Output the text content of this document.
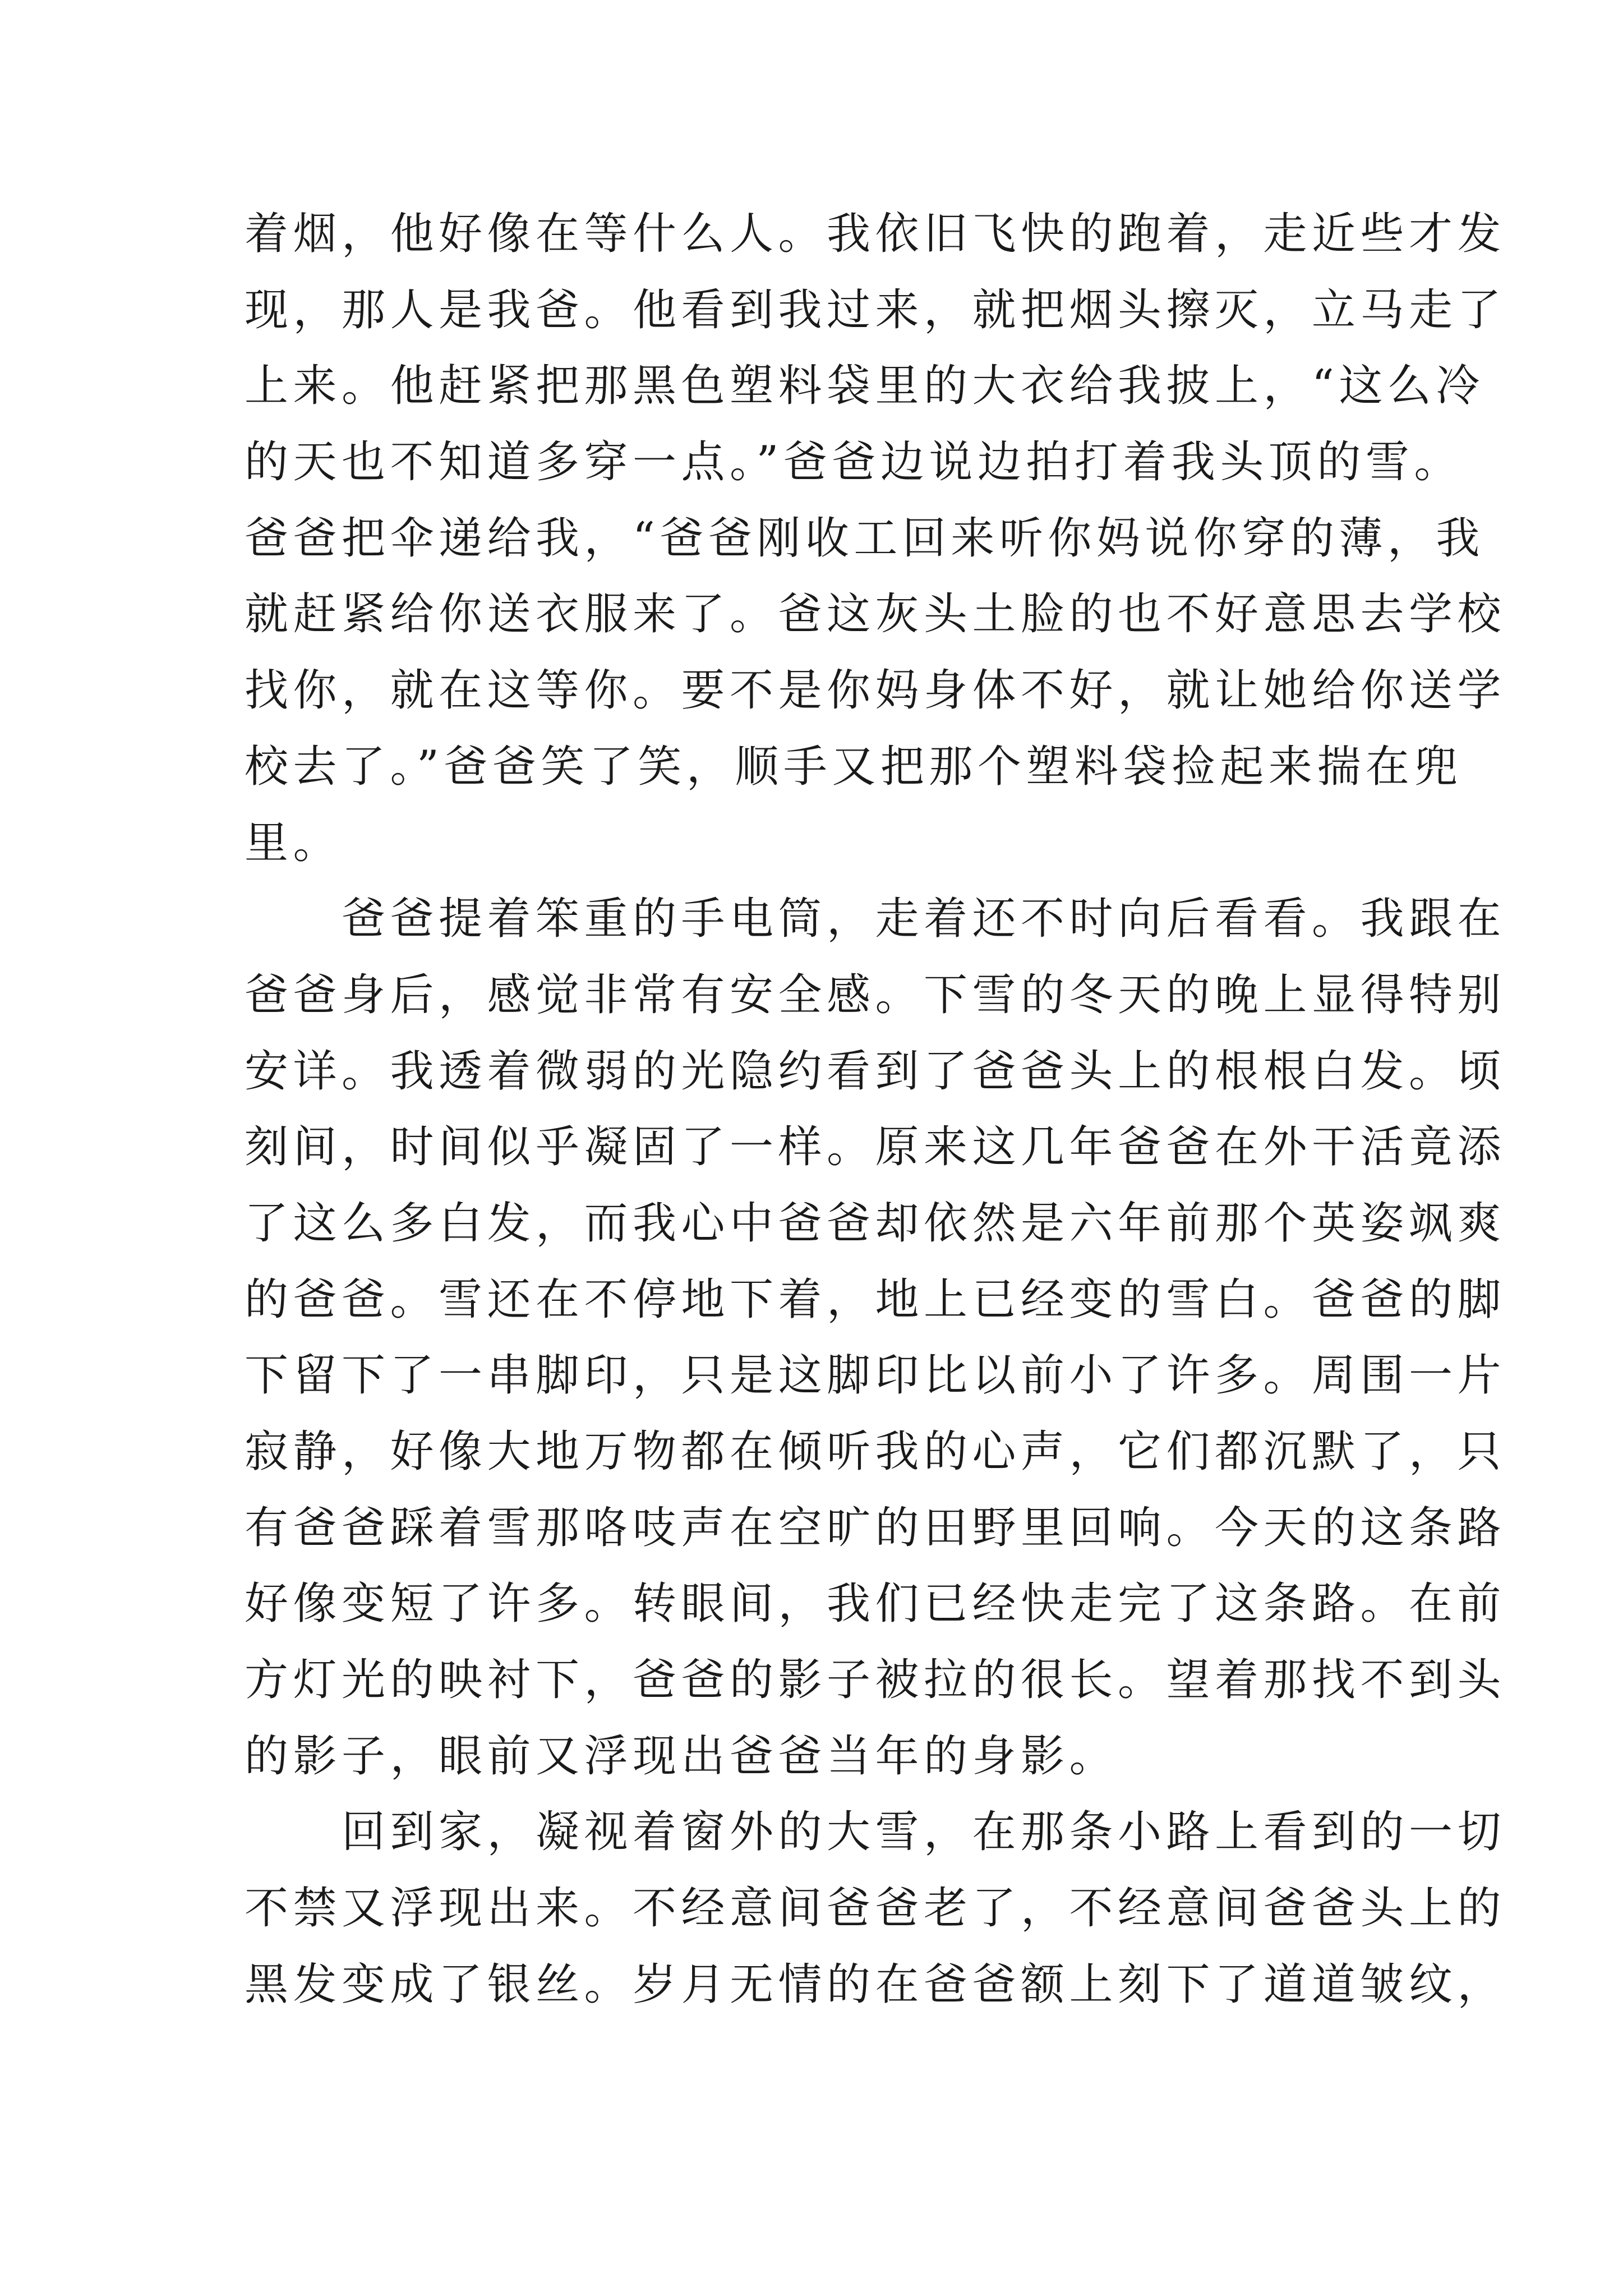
着烟，他好像在等什么人。我依旧飞快的跑着，走近些才发
现，那人是我爸。他看到我过来，就把烟头擦灭，立马走了
上来。他赶紧把那黑色塑料袋里的大衣给我披上，“这么冷
的天也不知道多穿一点。”爸爸边说边拍打着我头顶的雪。
爸爸把伞递给我，“爸爸刚收工回来听你妈说你穿的薄，我
就赶紧给你送衣服来了。爸这灰头土脸的也不好意思去学校
找你，就在这等你。要不是你妈身体不好，就让她给你送学
校去了。”爸爸笑了笑，顺手又把那个塑料袋捡起来揣在兜
里。
　　爸爸提着笨重的手电筒，走着还不时向后看看。我跟在
爸爸身后，感觉非常有安全感。下雪的冬天的晚上显得特别
安详。我透着微弱的光隐约看到了爸爸头上的根根白发。顷
刻间，时间似乎凝固了一样。原来这几年爸爸在外干活竟添
了这么多白发，而我心中爸爸却依然是六年前那个英姿飒爽
的爸爸。雪还在不停地下着，地上已经变的雪白。爸爸的脚
下留下了一串脚印，只是这脚印比以前小了许多。周围一片
寂静，好像大地万物都在倾听我的心声，它们都沉默了，只
有爸爸踩着雪那咯吱声在空旷的田野里回响。今天的这条路
好像变短了许多。转眼间，我们已经快走完了这条路。在前
方灯光的映衬下，爸爸的影子被拉的很长。望着那找不到头
的影子，眼前又浮现出爸爸当年的身影。
　　回到家，凝视着窗外的大雪，在那条小路上看到的一切
不禁又浮现出来。不经意间爸爸老了，不经意间爸爸头上的
黑发变成了银丝。岁月无情的在爸爸额上刻下了道道皱纹，
